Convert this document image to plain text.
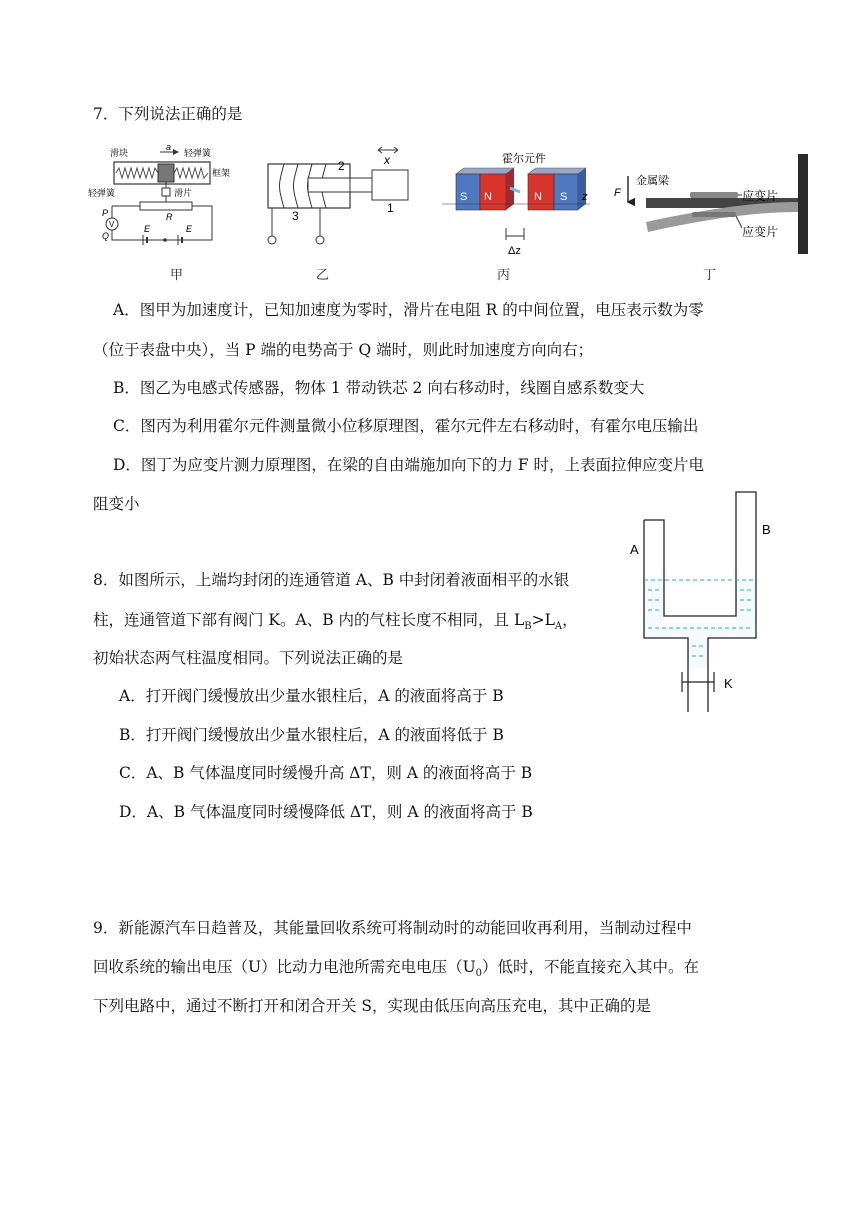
7．下列说法正确的是
滑块
a
轻弹簧
框架
轻弹簧	滑片
P
V
Q
R
E	E
甲
2
3
1
x
乙
霍尔元件
S N	N S z
Δz
丙
金属梁
F	应变片
应变片
丁
A．图甲为加速度计，已知加速度为零时，滑片在电阻 R 的中间位置，电压表示数为零
（位于表盘中央），当 P 端的电势高于 Q 端时，则此时加速度方向向右；
B．图乙为电感式传感器，物体 1 带动铁芯 2 向右移动时，线圈自感系数变大
C．图丙为利用霍尔元件测量微小位移原理图，霍尔元件左右移动时，有霍尔电压输出
D．图丁为应变片测力原理图，在梁的自由端施加向下的力 F 时，上表面拉伸应变片电
阻变小
8．如图所示，上端均封闭的连通管道 A、B 中封闭着液面相平的水银
柱，连通管道下部有阀门 K。A、B 内的气柱长度不相同，且 $L_B>L_A$，
初始状态两气柱温度相同。下列说法正确的是
A
B
K
A．打开阀门缓慢放出少量水银柱后，A 的液面将高于 B
B．打开阀门缓慢放出少量水银柱后，A 的液面将低于 B
C．A、B 气体温度同时缓慢升高 ΔT，则 A 的液面将高于 B
D．A、B 气体温度同时缓慢降低 ΔT，则 A 的液面将高于 B
9．新能源汽车日趋普及，其能量回收系统可将制动时的动能回收再利用，当制动过程中
回收系统的输出电压（U）比动力电池所需充电电压$(U_0)$低时，不能直接充入其中。在
下列电路中，通过不断打开和闭合开关 S，实现由低压向高压充电，其中正确的是
